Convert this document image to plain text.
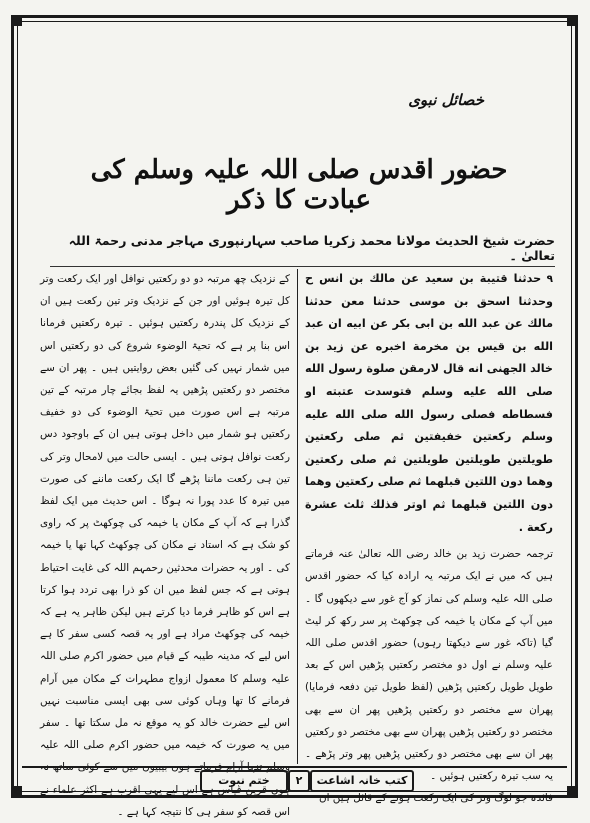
خصائل نبوی
حضور اقدس صلی اللہ علیہ وسلم کی عبادت کا ذکر
حضرت شیخ الحدیث مولانا محمد زکریا صاحب سہارنپوری مہاجر مدنی رحمۃ اللہ تعالیٰ ۔
۹ حدثنا قتيبة بن سعيد عن مالك بن انس ح وحدثنا اسحق بن موسى حدثنا معن حدثنا مالك عن عبد الله بن ابى بكر عن ابيه ان عبد الله بن قيس بن مخرمة اخبره عن زيد بن خالد الجهنى انه قال لارمقن صلوة رسول الله صلى الله عليه وسلم فتوسدت عتبته او فسطاطه فصلى رسول الله صلى الله عليه وسلم ركعتين خفيفتين ثم صلى ركعتين طويلتين طويلتين طويلتين ثم صلى ركعتين وهما دون اللتين قبلهما ثم صلى ركعتين وهما دون اللتين قبلهما ثم اوتر فذلك ثلث عشرة ركعة .
ترجمہ حضرت زید بن خالد رضی اللہ تعالیٰ عنہ فرماتے ہیں کہ میں نے ایک مرتبہ یہ ارادہ کیا کہ حضور اقدس صلی اللہ علیہ وسلم کی نماز کو آج غور سے دیکھوں گا ۔ میں آپ کے مکان یا خیمہ کی چوکھٹ پر سر رکھ کر لیٹ گیا (تاکہ غور سے دیکھتا رہوں) حضور اقدس صلی اللہ علیہ وسلم نے اول دو مختصر رکعتیں پڑھیں اس کے بعد طویل طویل رکعتیں پڑھیں (لفظ طویل تین دفعہ فرمایا) پھران سے مختصر دو رکعتیں پڑھیں پھر ان سے بھی مختصر دو رکعتیں پڑھیں پھران سے بھی مختصر دو رکعتیں پھر ان سے بھی مختصر دو رکعتیں پڑھیں پھر وتر پڑھے ۔ یہ سب تیرہ رکعتیں ہوئیں ۔
فائدہ جو لوگ وتر کی ایک رکعت ہونے کے قائل ہیں ان
کے نزدیک چھ مرتبہ دو دو رکعتیں نوافل اور ایک رکعت وتر کل تیرہ ہوئیں اور جن کے نزدیک وتر تین رکعت ہیں ان کے نزدیک کل پندرہ رکعتیں ہوئیں ۔ تیرہ رکعتیں فرمانا اس بنا پر ہے کہ تحیۃ الوضوء شروع کی دو رکعتیں اس میں شمار نہیں کی گئیں بعض روایتیں ہیں ۔ پھر ان سے مختصر دو رکعتیں پڑھیں یہ لفظ بجائے چار مرتبہ کے تین مرتبہ ہے اس صورت میں تحیۃ الوضوء کی دو خفیف رکعتیں ہو شمار میں داخل ہوتی ہیں ان کے باوجود دس رکعت نوافل ہوتی ہیں ۔ ایسی حالت میں لامحال وتر کی تین ہی رکعت ماننا پڑھے گا ایک رکعت ماننے کی صورت میں تیرہ کا عدد پورا نہ ہوگا ۔ اس حدیث میں ایک لفظ گذرا ہے کہ آپ کے مکان یا خیمہ کی چوکھٹ پر کہ راوی کو شک ہے کہ استاد نے مکان کی چوکھٹ کہا تھا یا خیمہ کی ۔ اور یہ حضرات محدثین رحمہم اللہ کی غایت احتیاط ہوتی ہے کہ جس لفظ میں ان کو ذرا بھی تردد ہوا کرتا ہے اس کو ظاہر فرما دیا کرتے ہیں لیکن ظاہر یہ ہے کہ خیمہ کی چوکھٹ مراد ہے اور یہ قصہ کسی سفر کا ہے اس لیے کہ مدینہ طیبہ کے قیام میں حضور اکرم صلی اللہ علیہ وسلم کا معمول ازواج مطہرات کے مکان میں آرام فرمانے کا تھا وہاں کوئی سی بھی ایسی مناسبت نہیں اس لیے حضرت خالد کو یہ موقع نہ مل سکتا تھا ۔ سفر میں یہ صورت کہ خیمہ میں حضور اکرم صلی اللہ علیہ وسلم تنہا آرام فرماتے ہوں بیبیوں میں سے کوئی ساتھ نہ ہوں قرین قیاس ہے اس لیے یہی اقرب ہے اکثر علماء نے اس قصہ کو سفر ہی کا نتیجہ کہا ہے ۔
ختم نبوت	۲	کتب خانہ اشاعت
